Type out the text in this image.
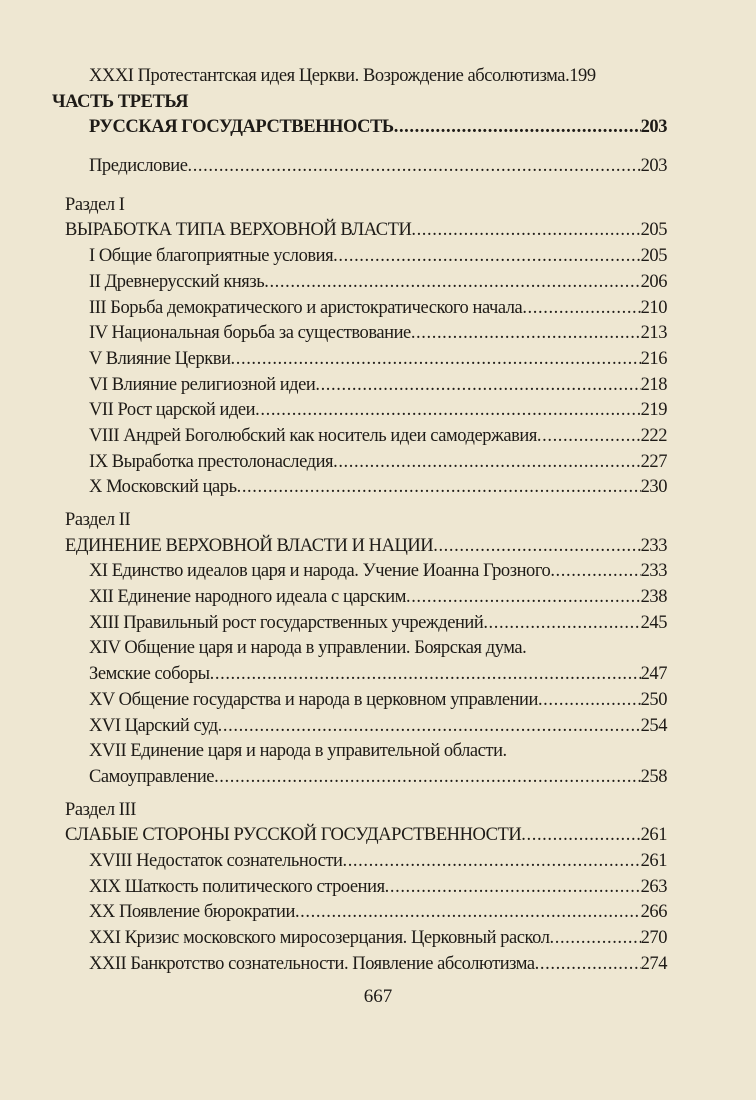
XXXI Протестантская идея Церкви. Возрождение абсолютизма .199
ЧАСТЬ ТРЕТЬЯ
РУССКАЯ ГОСУДАРСТВЕННОСТЬ .....	203
Предисловие .....	203
Раздел I
ВЫРАБОТКА ТИПА ВЕРХОВНОЙ ВЛАСТИ .....	205
I Общие благоприятные условия .....	205
II Древнерусский князь .....	206
III Борьба демократического и аристократического начала .....	210
IV Национальная борьба за существование .....	213
V Влияние Церкви .....	216
VI Влияние религиозной идеи .....	218
VII Рост царской идеи .....	219
VIII Андрей Боголюбский как носитель идеи самодержавия .....	222
IX Выработка престолонаследия .....	227
X Московский царь .....	230
Раздел II
ЕДИНЕНИЕ ВЕРХОВНОЙ ВЛАСТИ И НАЦИИ .....	233
XI Единство идеалов царя и народа. Учение Иоанна Грозного .....	233
XII Единение народного идеала с царским .....	238
XIII Правильный рост государственных учреждений .....	245
XIV Общение царя и народа в управлении. Боярская дума.
Земские соборы .....	247
XV Общение государства и народа в церковном управлении .....	250
XVI Царский суд .....	254
XVII Единение царя и народа в управительной области.
Самоуправление .....	258
Раздел III
СЛАБЫЕ СТОРОНЫ РУССКОЙ ГОСУДАРСТВЕННОСТИ .....	261
XVIII Недостаток сознательности .....	261
XIX Шаткость политического строения .....	263
XX Появление бюрократии .....	266
XXI Кризис московского миросозерцания. Церковный раскол .....	270
XXII Банкротство сознательности. Появление абсолютизма .....	274
667
